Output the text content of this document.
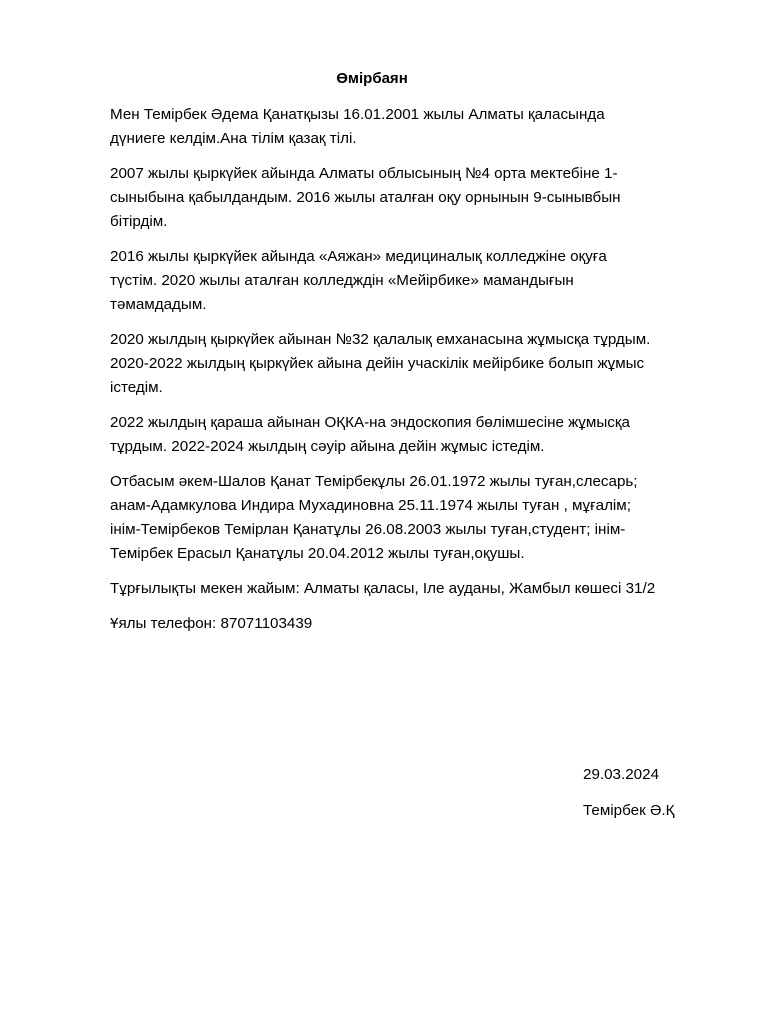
Өмірбаян

Мен Темірбек Әдема Қанатқызы 16.01.2001 жылы Алматы қаласында
дүниеге келдім.Ана тілім қазақ тілі.

2007 жылы қыркүйек айында Алматы облысының №4 орта мектебіне 1-
сыныбына қабылдандым. 2016 жылы аталған оқу орнынын 9-сынывбын
бітірдім.

2016 жылы қыркүйек айында «Аяжан» медициналық колледжіне оқуға
түстім. 2020 жылы аталған колледждін «Мейірбике» мамандығын
тәмамдадым.

2020 жылдың қыркүйек айынан №32 қалалық емханасына жұмысқа тұрдым.
2020-2022 жылдың қыркүйек айына дейін учаскілік мейірбике болып жұмыс
істедім.

2022 жылдың қараша айынан ОҚКА-на эндоскопия бөлімшесіне жұмысқа
тұрдым. 2022-2024 жылдың сәуір айына дейін жұмыс істедім.

Отбасым әкем-Шалов Қанат Темірбекұлы 26.01.1972 жылы туған,слесарь;
анам-Адамкулова Индира Мухадиновна 25.11.1974 жылы туған , мұғалім;
інім-Темірбеков Темірлан Қанатұлы 26.08.2003 жылы туған,студент; інім-
Темірбек Ерасыл Қанатұлы 20.04.2012 жылы туған,оқушы.

Тұрғылықты мекен жайым: Алматы қаласы, Іле ауданы, Жамбыл көшесі 31/2

Ұялы телефон: 87071103439

29.03.2024

Темірбек Ә.Қ
